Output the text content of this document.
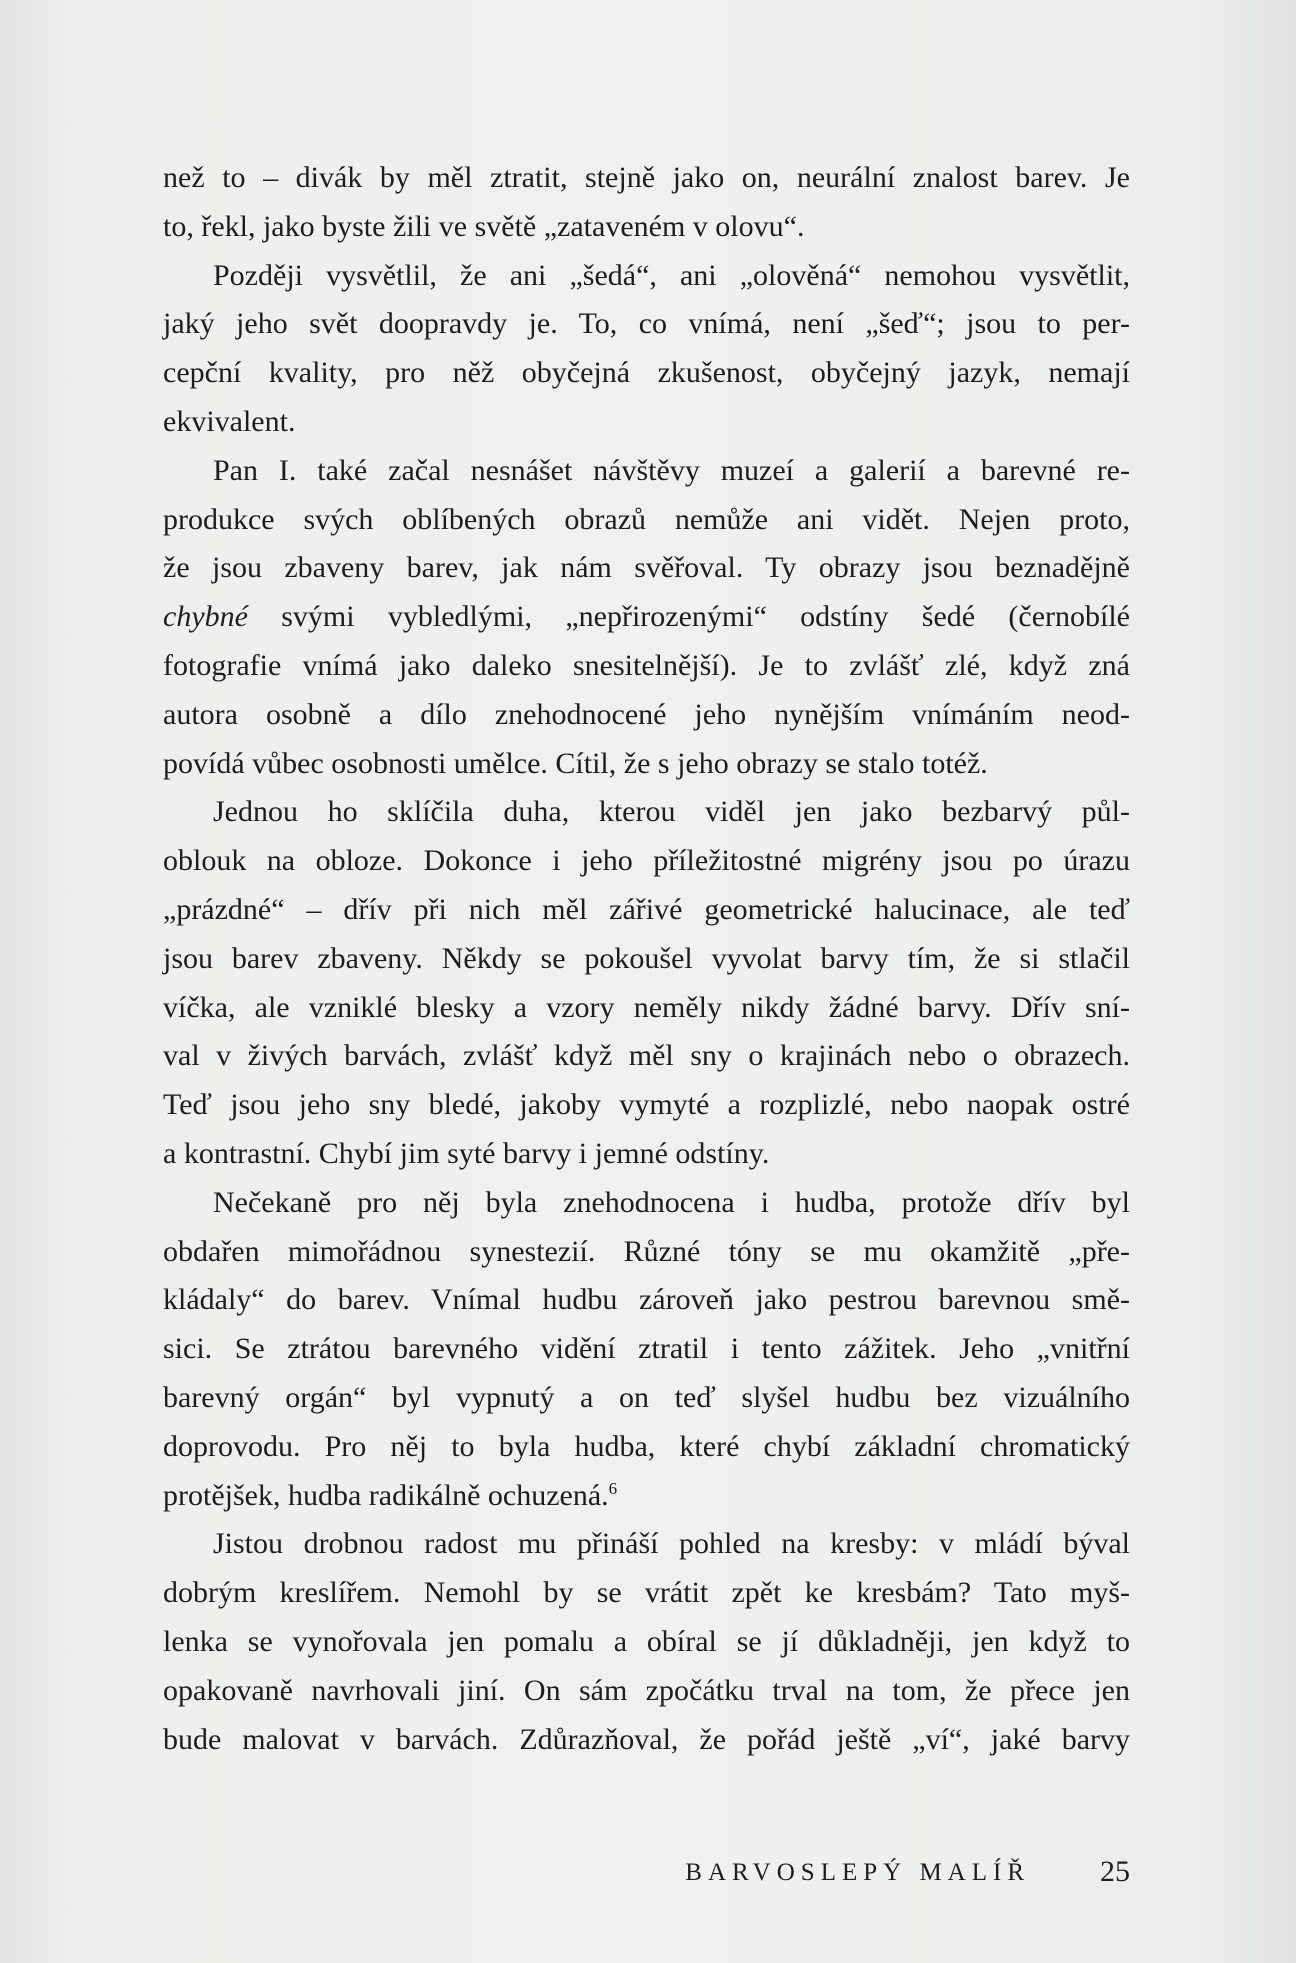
než to – divák by měl ztratit, stejně jako on, neurální znalost barev. Je
to, řekl, jako byste žili ve světě „zataveném v olovu“.
Později vysvětlil, že ani „šedá“, ani „olověná“ nemohou vysvětlit,
jaký jeho svět doopravdy je. To, co vnímá, není „šeď“; jsou to per-
cepční kvality, pro něž obyčejná zkušenost, obyčejný jazyk, nemají
ekvivalent.
Pan I. také začal nesnášet návštěvy muzeí a galerií a barevné re-
produkce svých oblíbených obrazů nemůže ani vidět. Nejen proto,
že jsou zbaveny barev, jak nám svěřoval. Ty obrazy jsou beznadějně
chybné svými vybledlými, „nepřirozenými“ odstíny šedé (černobílé
fotografie vnímá jako daleko snesitelnější). Je to zvlášť zlé, když zná
autora osobně a dílo znehodnocené jeho nynějším vnímáním neod-
povídá vůbec osobnosti umělce. Cítil, že s jeho obrazy se stalo totéž.
Jednou ho sklíčila duha, kterou viděl jen jako bezbarvý půl-
oblouk na obloze. Dokonce i jeho příležitostné migrény jsou po úrazu
„prázdné“ – dřív při nich měl zářivé geometrické halucinace, ale teď
jsou barev zbaveny. Někdy se pokoušel vyvolat barvy tím, že si stlačil
víčka, ale vzniklé blesky a vzory neměly nikdy žádné barvy. Dřív sní-
val v živých barvách, zvlášť když měl sny o krajinách nebo o obrazech.
Teď jsou jeho sny bledé, jakoby vymyté a rozplizlé, nebo naopak ostré
a kontrastní. Chybí jim syté barvy i jemné odstíny.
Nečekaně pro něj byla znehodnocena i hudba, protože dřív byl
obdařen mimořádnou synestezií. Různé tóny se mu okamžitě „pře-
kládaly“ do barev. Vnímal hudbu zároveň jako pestrou barevnou smě-
sici. Se ztrátou barevného vidění ztratil i tento zážitek. Jeho „vnitřní
barevný orgán“ byl vypnutý a on teď slyšel hudbu bez vizuálního
doprovodu. Pro něj to byla hudba, které chybí základní chromatický
protějšek, hudba radikálně ochuzená.$^6$
Jistou drobnou radost mu přináší pohled na kresby: v mládí býval
dobrým kreslířem. Nemohl by se vrátit zpět ke kresbám? Tato myš-
lenka se vynořovala jen pomalu a obíral se jí důkladněji, jen když to
opakovaně navrhovali jiní. On sám zpočátku trval na tom, že přece jen
bude malovat v barvách. Zdůrazňoval, že pořád ještě „ví“, jaké barvy
BARVOSLEPÝ MALÍŘ 25
